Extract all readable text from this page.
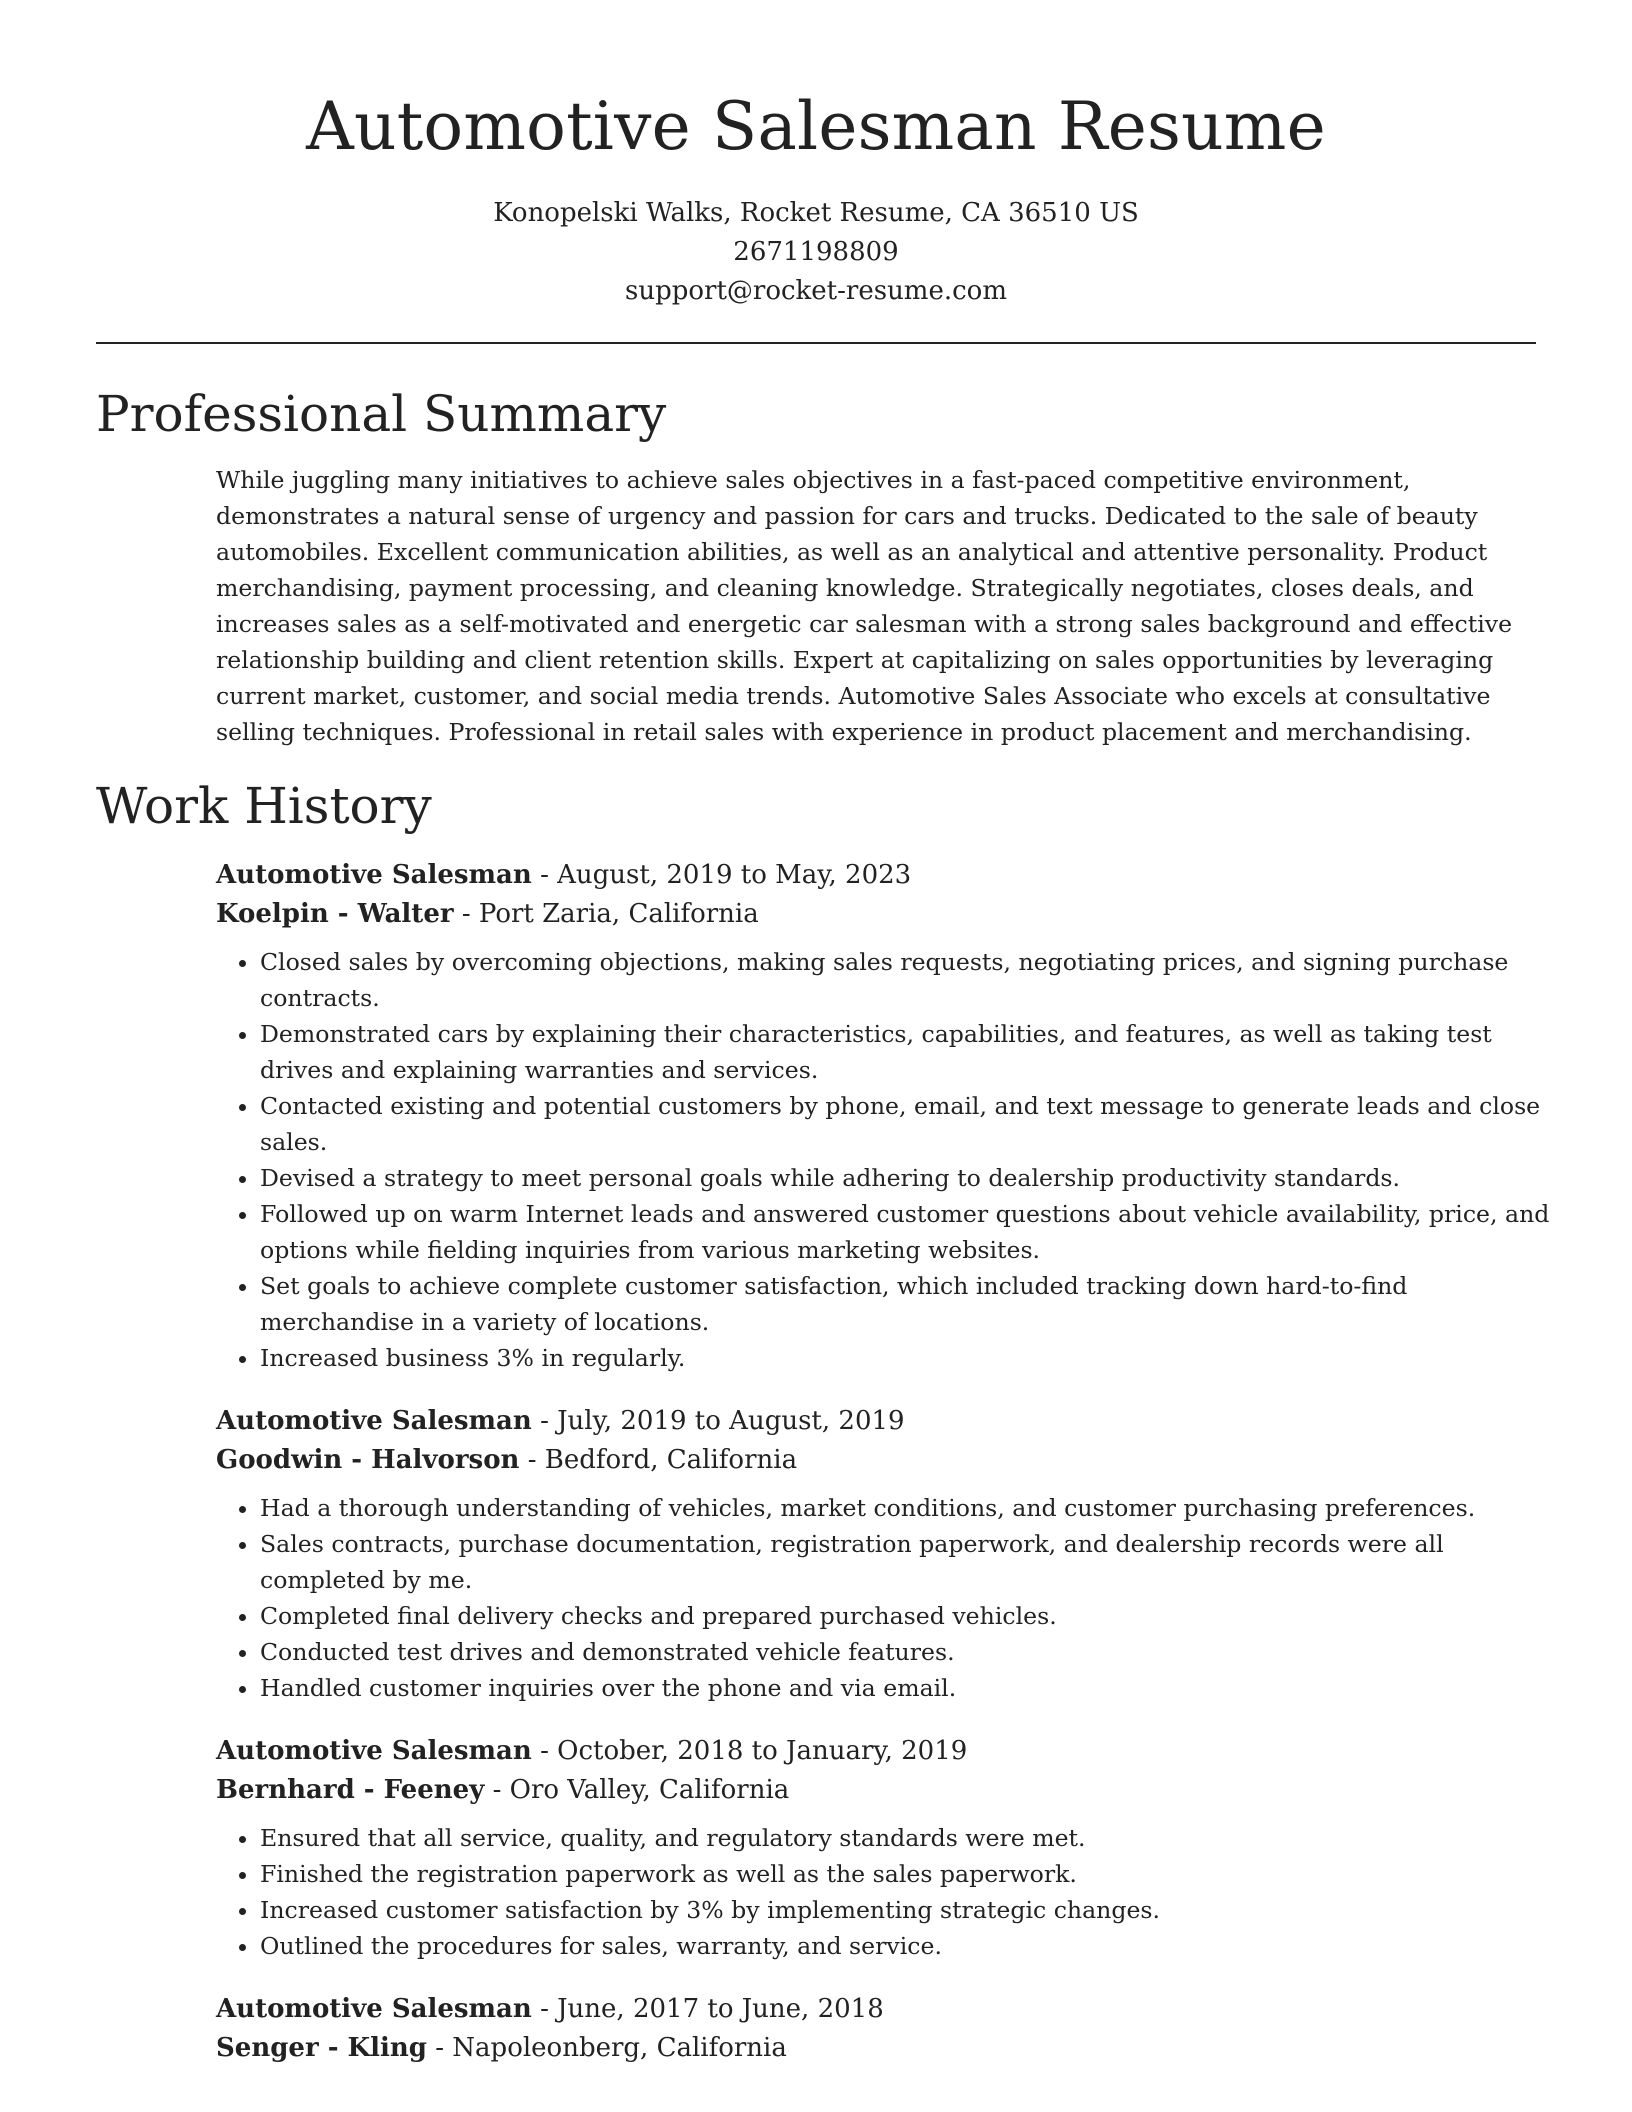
Automotive Salesman Resume
Konopelski Walks, Rocket Resume, CA 36510 US
2671198809
support@rocket-resume.com
Professional Summary

While juggling many initiatives to achieve sales objectives in a fast-paced competitive environment, demonstrates a natural sense of urgency and passion for cars and trucks. Dedicated to the sale of beauty automobiles. Excellent communication abilities, as well as an analytical and attentive personality. Product merchandising, payment processing, and cleaning knowledge. Strategically negotiates, closes deals, and increases sales as a self-motivated and energetic car salesman with a strong sales background and effective relationship building and client retention skills. Expert at capitalizing on sales opportunities by leveraging current market, customer, and social media trends. Automotive Sales Associate who excels at consultative selling techniques. Professional in retail sales with experience in product placement and merchandising.

Work History
Automotive Salesman - August, 2019 to May, 2023
Koelpin - Walter - Port Zaria, California
• Closed sales by overcoming objections, making sales requests, negotiating prices, and signing purchase contracts.
• Demonstrated cars by explaining their characteristics, capabilities, and features, as well as taking test drives and explaining warranties and services.
• Contacted existing and potential customers by phone, email, and text message to generate leads and close sales.
• Devised a strategy to meet personal goals while adhering to dealership productivity standards.
• Followed up on warm Internet leads and answered customer questions about vehicle availability, price, and options while fielding inquiries from various marketing websites.
• Set goals to achieve complete customer satisfaction, which included tracking down hard-to-find merchandise in a variety of locations.
• Increased business 3% in regularly.
Automotive Salesman - July, 2019 to August, 2019
Goodwin - Halvorson - Bedford, California
• Had a thorough understanding of vehicles, market conditions, and customer purchasing preferences.
• Sales contracts, purchase documentation, registration paperwork, and dealership records were all completed by me.
• Completed final delivery checks and prepared purchased vehicles.
• Conducted test drives and demonstrated vehicle features.
• Handled customer inquiries over the phone and via email.
Automotive Salesman - October, 2018 to January, 2019
Bernhard - Feeney - Oro Valley, California
• Ensured that all service, quality, and regulatory standards were met.
• Finished the registration paperwork as well as the sales paperwork.
• Increased customer satisfaction by 3% by implementing strategic changes.
• Outlined the procedures for sales, warranty, and service.
Automotive Salesman - June, 2017 to June, 2018
Senger - Kling - Napoleonberg, California
